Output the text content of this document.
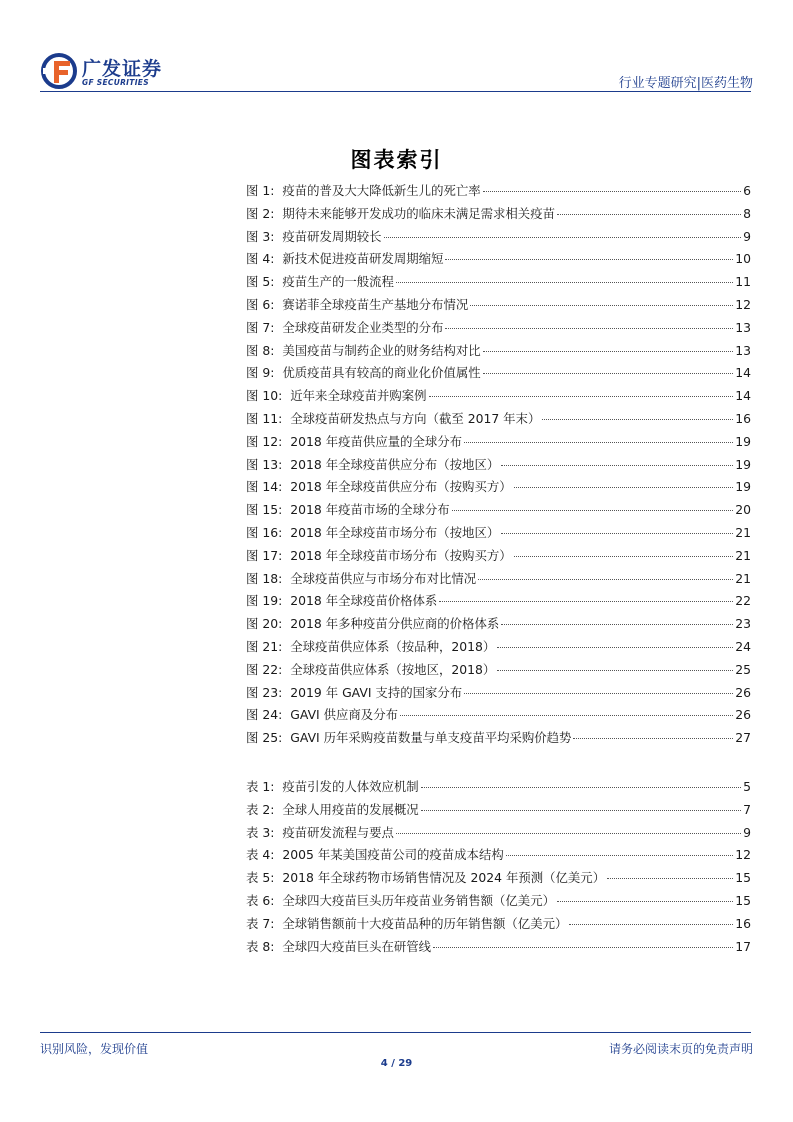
广发证券
GF SECURITIES	行业专题研究|医药生物
图表索引
图 1: 疫苗的普及大大降低新生儿的死亡率	6
图 2: 期待未来能够开发成功的临床未满足需求相关疫苗	8
图 3: 疫苗研发周期较长	9
图 4: 新技术促进疫苗研发周期缩短	10
图 5: 疫苗生产的一般流程	11
图 6: 赛诺菲全球疫苗生产基地分布情况	12
图 7: 全球疫苗研发企业类型的分布	13
图 8: 美国疫苗与制药企业的财务结构对比	13
图 9: 优质疫苗具有较高的商业化价值属性	14
图 10: 近年来全球疫苗并购案例	14
图 11: 全球疫苗研发热点与方向（截至 2017 年末）	16
图 12: 2018 年疫苗供应量的全球分布	19
图 13: 2018 年全球疫苗供应分布（按地区）	19
图 14: 2018 年全球疫苗供应分布（按购买方）	19
图 15: 2018 年疫苗市场的全球分布	20
图 16: 2018 年全球疫苗市场分布（按地区）	21
图 17: 2018 年全球疫苗市场分布（按购买方）	21
图 18: 全球疫苗供应与市场分布对比情况	21
图 19: 2018 年全球疫苗价格体系	22
图 20: 2018 年多种疫苗分供应商的价格体系	23
图 21: 全球疫苗供应体系（按品种，2018）	24
图 22: 全球疫苗供应体系（按地区，2018）	25
图 23: 2019 年 GAVI 支持的国家分布	26
图 24: GAVI 供应商及分布	26
图 25: GAVI 历年采购疫苗数量与单支疫苗平均采购价趋势	27
表 1: 疫苗引发的人体效应机制	5
表 2: 全球人用疫苗的发展概况	7
表 3: 疫苗研发流程与要点	9
表 4: 2005 年某美国疫苗公司的疫苗成本结构	12
表 5: 2018 年全球药物市场销售情况及 2024 年预测（亿美元）	15
表 6: 全球四大疫苗巨头历年疫苗业务销售额（亿美元）	15
表 7: 全球销售额前十大疫苗品种的历年销售额（亿美元）	16
表 8: 全球四大疫苗巨头在研管线	17
识别风险，发现价值	请务必阅读末页的免责声明
4 / 29
